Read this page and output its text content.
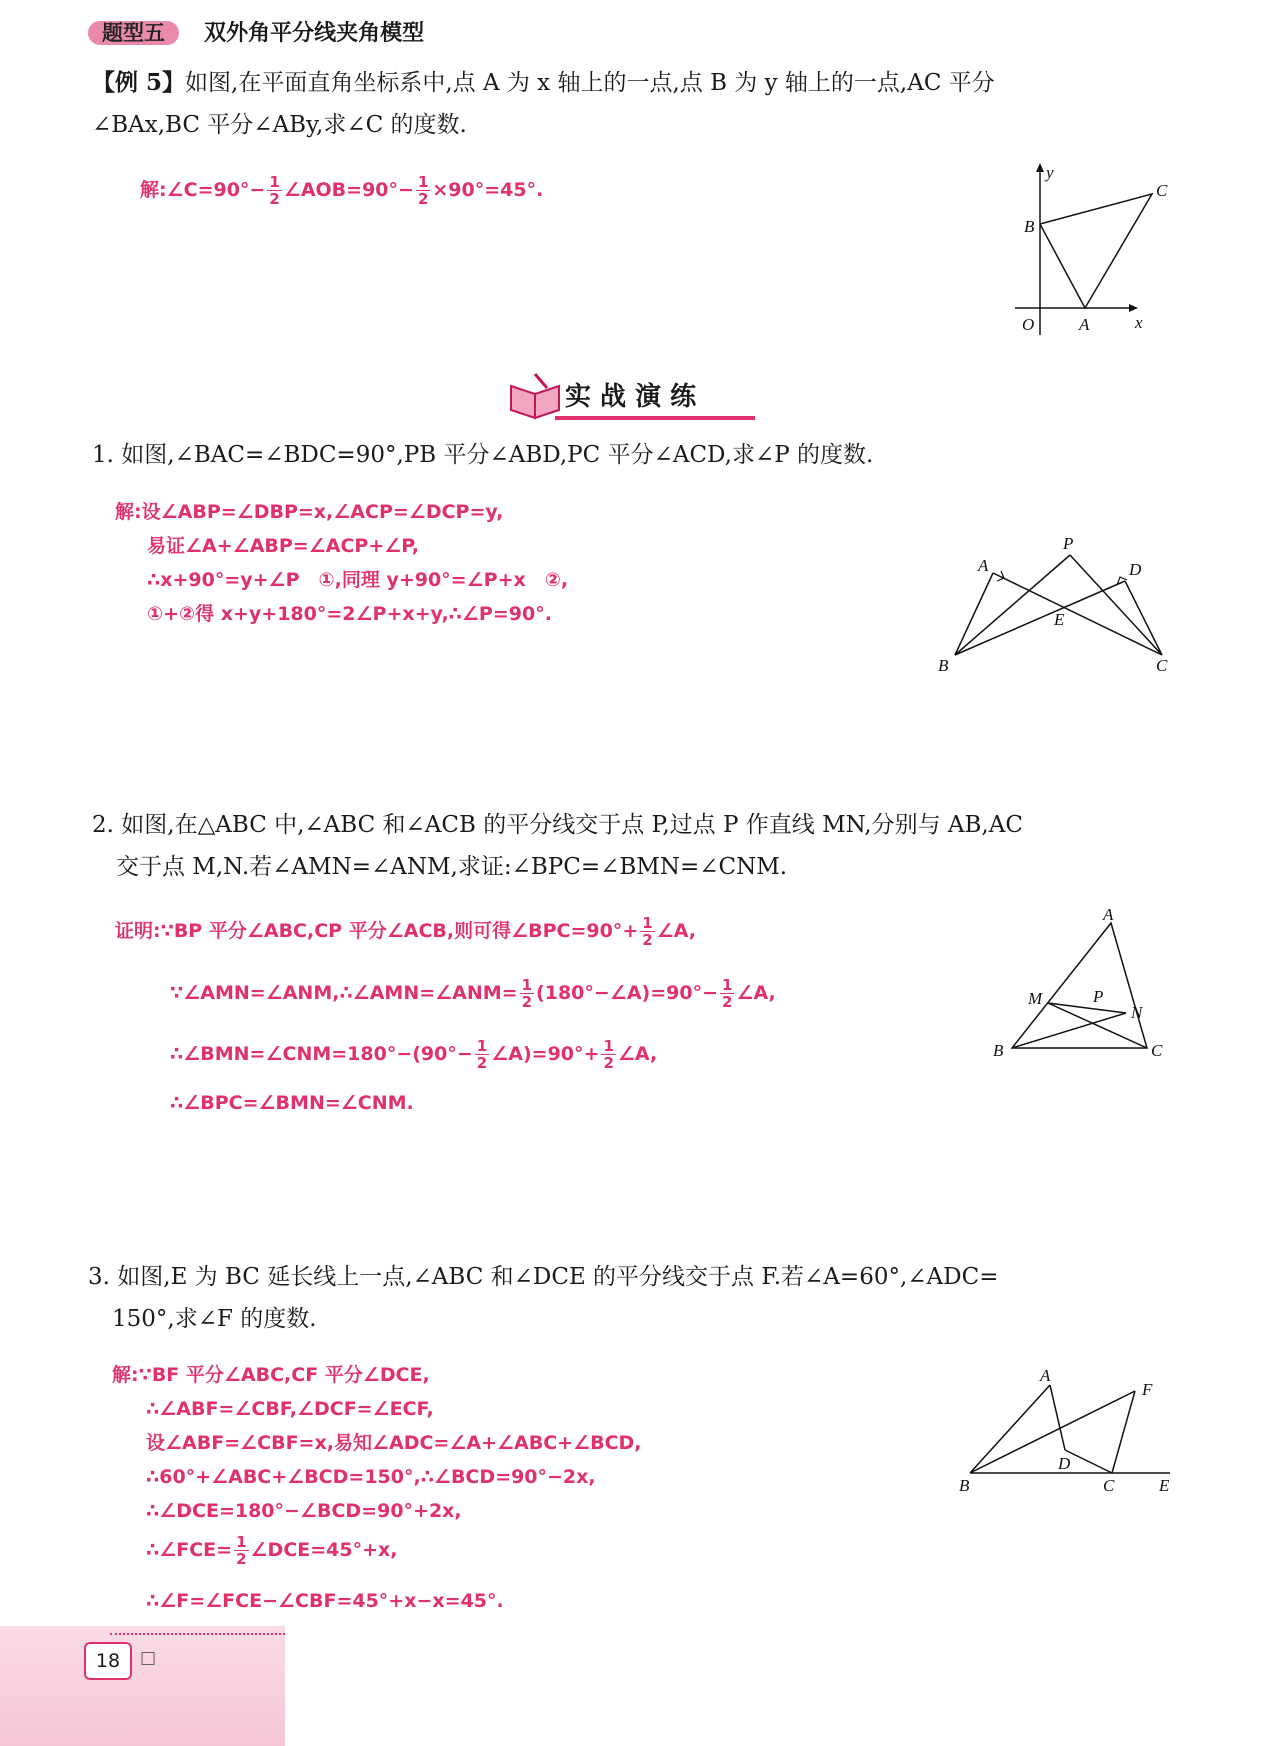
题型五 双外角平分线夹角模型
【例 5】如图,在平面直角坐标系中,点 A 为 x 轴上的一点,点 B 为 y 轴上的一点,AC 平分
∠BAx,BC 平分∠ABy,求∠C 的度数.
解:∠C=90°− $\frac{1}{2}$ ∠AOB=90°− $\frac{1}{2} \times 90^\circ=45^\circ$.
y
C
B
O	A	x
实 战 演 练
1. 如图,∠BAC=∠BDC=90°,PB 平分∠ABD,PC 平分∠ACD,求∠P 的度数.
解:设∠ABP=∠DBP=x,∠ACP=∠DCP=y,
易证∠A+∠ABP=∠ACP+∠P,
∴x+90°=y+∠P　①,同理 y+90°=∠P+x　②,
①+②得 x+y+180°=2∠P+x+y,∴∠P=90°.
A
P
D
E
B	C
2. 如图,在△ABC 中,∠ABC 和∠ACB 的平分线交于点 P,过点 P 作直线 MN,分别与 AB,AC
交于点 M,N.若∠AMN=∠ANM,求证:∠BPC=∠BMN=∠CNM.
证明:∵BP 平分∠ABC,CP 平分∠ACB,则可得∠BPC=90°+ $\frac{1}{2}$ ∠A,
∵∠AMN=∠ANM,∴∠AMN=∠ANM= $\frac{1}{2}$ (180°−∠A)=90°− $\frac{1}{2}$ ∠A,
∴∠BMN=∠CNM=180°−(90°− $\frac{1}{2}$ ∠A)=90°+ $\frac{1}{2}$ ∠A,
∴∠BPC=∠BMN=∠CNM.
A
M	P
N
B	C
3. 如图,E 为 BC 延长线上一点,∠ABC 和∠DCE 的平分线交于点 F.若∠A=60°,∠ADC=
150°,求∠F 的度数.
解:∵BF 平分∠ABC,CF 平分∠DCE,
∴∠ABF=∠CBF,∠DCF=∠ECF,
设∠ABF=∠CBF=x,易知∠ADC=∠A+∠ABC+∠BCD,
∴60°+∠ABC+∠BCD=150°,∴∠BCD=90°−2x,
∴∠DCE=180°−∠BCD=90°+2x,
∴∠FCE= $\frac{1}{2}$ ∠DCE=45°+x,
∴∠F=∠FCE−∠CBF=45°+x−x=45°.
A
F
D
B	C	E
18	□
